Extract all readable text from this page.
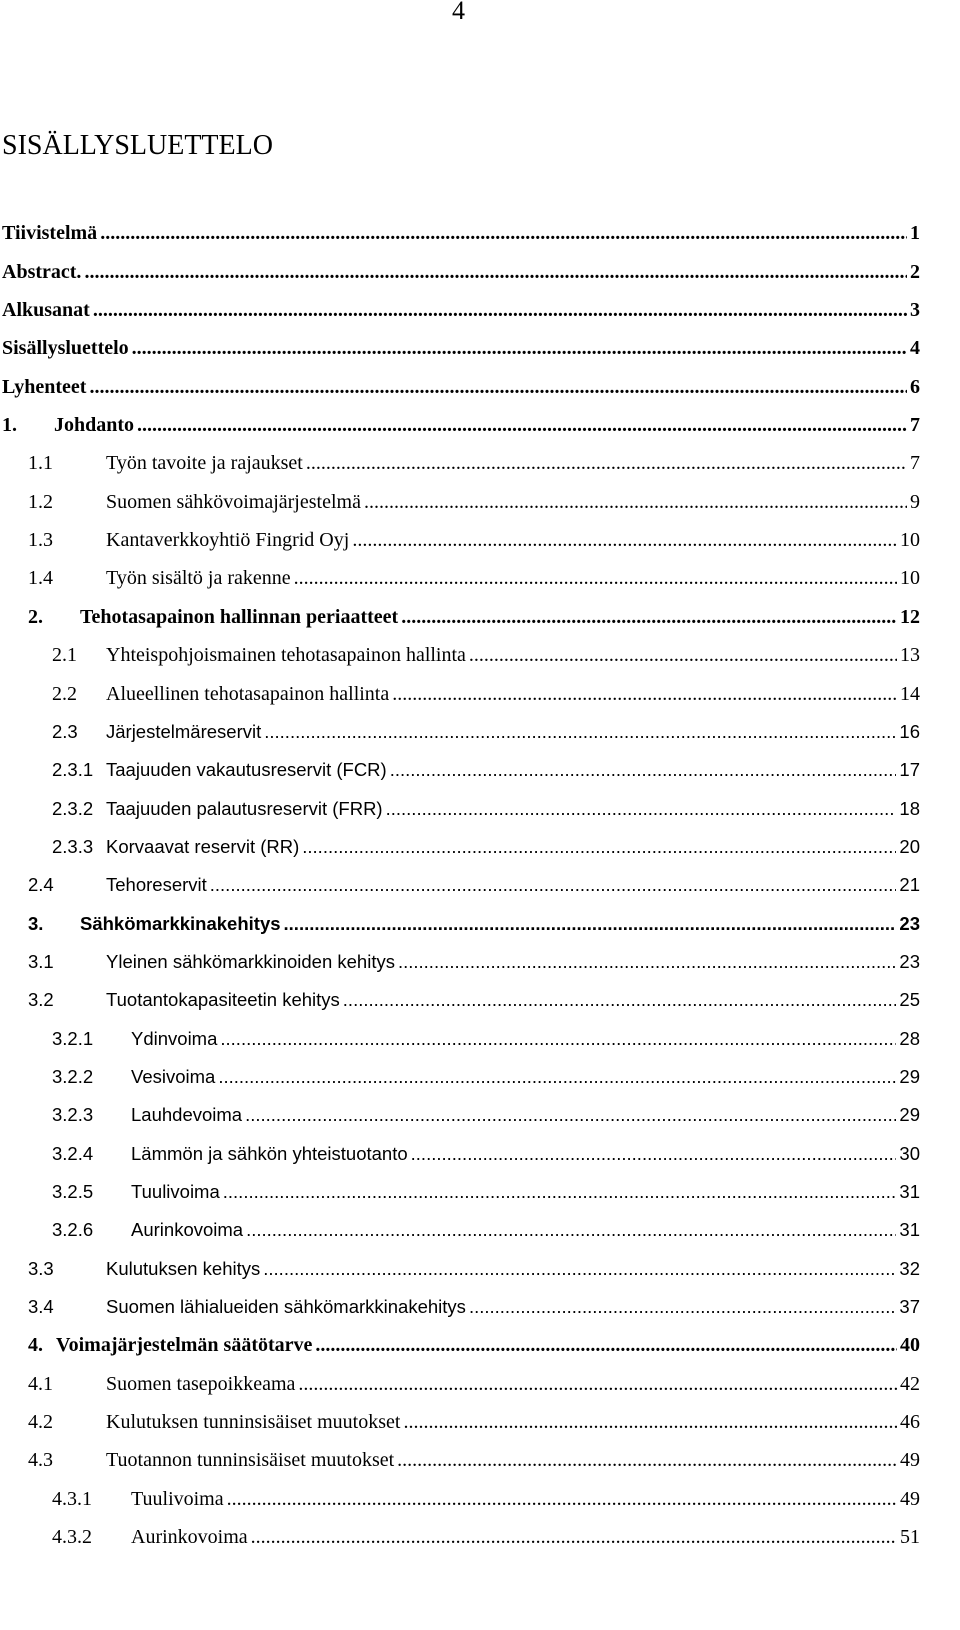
4
SISÄLLYSLUETTELO
Tiivistelmä .....	1
Abstract. .....	2
Alkusanat .....	3
Sisällysluettelo .....	4
Lyhenteet .....	6
1. Johdanto .....	7
1.1	Työn tavoite ja rajaukset .....	7
1.2	Suomen sähkövoimajärjestelmä .....	9
1.3	Kantaverkkoyhtiö Fingrid Oyj .....	10
1.4	Työn sisältö ja rakenne .....	10
2. Tehotasapainon hallinnan periaatteet .....	12
2.1 Yhteispohjoismainen tehotasapainon hallinta .....	13
2.2 Alueellinen tehotasapainon hallinta .....	14
2.3 Järjestelmäreservit .....	16
2.3.1 Taajuuden vakautusreservit (FCR) .....	17
2.3.2 Taajuuden palautusreservit (FRR) .....	18
2.3.3 Korvaavat reservit (RR) .....	20
2.4	Tehoreservit .....	21
3. Sähkömarkkinakehitys .....	23
3.1	Yleinen sähkömarkkinoiden kehitys .....	23
3.2	Tuotantokapasiteetin kehitys .....	25
3.2.1 Ydinvoima .....	28
3.2.2 Vesivoima .....	29
3.2.3 Lauhdevoima .....	29
3.2.4 Lämmön ja sähkön yhteistuotanto .....	30
3.2.5 Tuulivoima .....	31
3.2.6 Aurinkovoima .....	31
3.3	Kulutuksen kehitys .....	32
3.4	Suomen lähialueiden sähkömarkkinakehitys .....	37
4. Voimajärjestelmän säätötarve .....	40
4.1	Suomen tasepoikkeama .....	42
4.2	Kulutuksen tunninsisäiset muutokset .....	46
4.3	Tuotannon tunninsisäiset muutokset .....	49
4.3.1 Tuulivoima .....	49
4.3.2 Aurinkovoima .....	51
